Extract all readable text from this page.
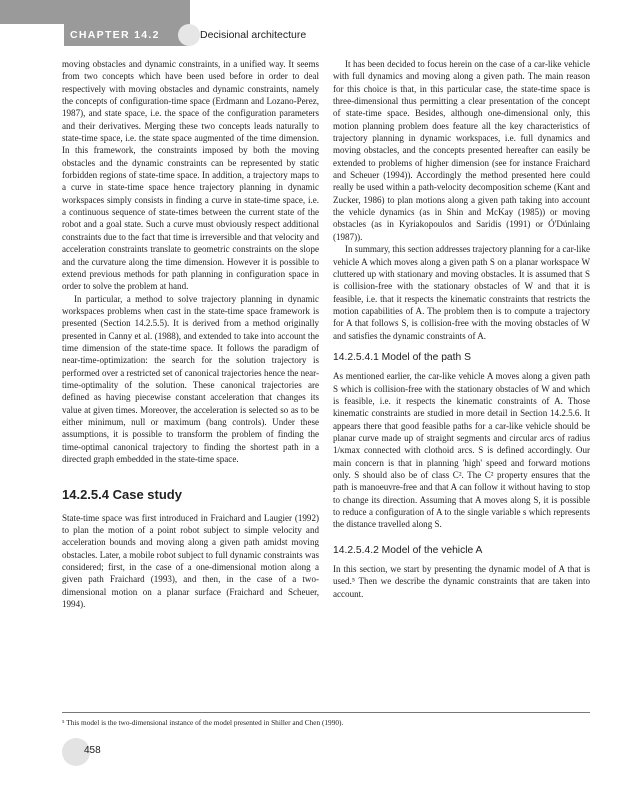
CHAPTER 14.2	Decisional architecture

moving obstacles and dynamic constraints, in a unified way. It seems from two concepts which have been used before in order to deal respectively with moving obstacles and dynamic constraints, namely the concepts of configuration-time space (Erdmann and Lozano-Perez, 1987), and state space, i.e. the space of the configuration parameters and their derivatives. Merging these two concepts leads naturally to state-time space, i.e. the state space augmented of the time dimension. In this framework, the constraints imposed by both the moving obstacles and the dynamic constraints can be represented by static forbidden regions of state-time space. In addition, a trajectory maps to a curve in state-time space hence trajectory planning in dynamic workspaces simply consists in finding a curve in state-time space, i.e. a continuous sequence of state-times between the current state of the robot and a goal state. Such a curve must obviously respect additional constraints due to the fact that time is irreversible and that velocity and acceleration constraints translate to geometric constraints on the slope and the curvature along the time dimension. However it is possible to extend previous methods for path planning in configuration space in order to solve the problem at hand.

In particular, a method to solve trajectory planning in dynamic workspaces problems when cast in the state-time space framework is presented (Section 14.2.5.5). It is derived from a method originally presented in Canny et al. (1988), and extended to take into account the time dimension of the state-time space. It follows the paradigm of near-time-optimization: the search for the solution trajectory is performed over a restricted set of canonical trajectories hence the near-time-optimality of the solution. These canonical trajectories are defined as having piecewise constant acceleration that changes its value at given times. Moreover, the acceleration is selected so as to be either minimum, null or maximum (bang controls). Under these assumptions, it is possible to transform the problem of finding the time-optimal canonical trajectory to finding the shortest path in a directed graph embedded in the state-time space.

14.2.5.4 Case study

State-time space was first introduced in Fraichard and Laugier (1992) to plan the motion of a point robot subject to simple velocity and acceleration bounds and moving along a given path amidst moving obstacles. Later, a mobile robot subject to full dynamic constraints was considered; first, in the case of a one-dimensional motion along a given path Fraichard (1993), and then, in the case of a two-dimensional motion on a planar surface (Fraichard and Scheuer, 1994).

It has been decided to focus herein on the case of a car-like vehicle with full dynamics and moving along a given path. The main reason for this choice is that, in this particular case, the state-time space is three-dimensional thus permitting a clear presentation of the concept of state-time space. Besides, although one-dimensional only, this motion planning problem does feature all the key characteristics of trajectory planning in dynamic workspaces, i.e. full dynamics and moving obstacles, and the concepts presented hereafter can easily be extended to problems of higher dimension (see for instance Fraichard and Scheuer (1994)). Accordingly the method presented here could really be used within a path-velocity decomposition scheme (Kant and Zucker, 1986) to plan motions along a given path taking into account the vehicle dynamics (as in Shin and McKay (1985)) or moving obstacles (as in Kyriakopoulos and Saridis (1991) or Ó'Dúnlaing (1987)).

In summary, this section addresses trajectory planning for a car-like vehicle A which moves along a given path S on a planar workspace W cluttered up with stationary and moving obstacles. It is assumed that S is collision-free with the stationary obstacles of W and that it is feasible, i.e. that it respects the kinematic constraints that restricts the motion capabilities of A. The problem then is to compute a trajectory for A that follows S, is collision-free with the moving obstacles of W and satisfies the dynamic constraints of A.

14.2.5.4.1 Model of the path S

As mentioned earlier, the car-like vehicle A moves along a given path S which is collision-free with the stationary obstacles of W and which is feasible, i.e. it respects the kinematic constraints of A. Those kinematic constraints are studied in more detail in Section 14.2.5.6. It appears there that good feasible paths for a car-like vehicle should be planar curve made up of straight segments and circular arcs of radius 1/κmax connected with clothoid arcs. S is defined accordingly. Our main concern is that in planning 'high' speed and forward motions only. S should also be of class C². The C² property ensures that the path is manoeuvre-free and that A can follow it without having to stop to change its direction. Assuming that A moves along S, it is possible to reduce a configuration of A to the single variable s which represents the distance travelled along S.

14.2.5.4.2 Model of the vehicle A

In this section, we start by presenting the dynamic model of A that is used.⁵ Then we describe the dynamic constraints that are taken into account.

⁵ This model is the two-dimensional instance of the model presented in Shiller and Chen (1990).
458
